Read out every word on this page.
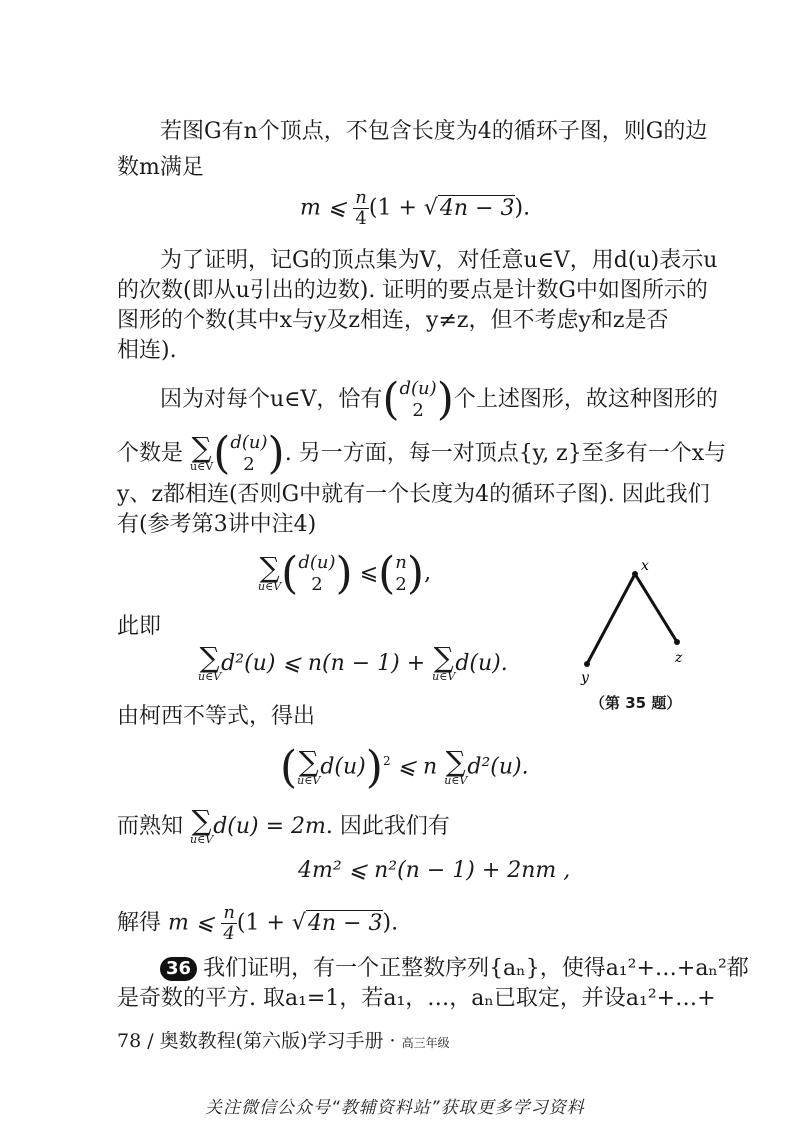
若图G有n个顶点，不包含长度为4的循环子图，则G的边
数m满足
m ⩽ $\frac{n}{4} (1 + √4n - 3)$.
为了证明，记G的顶点集为V，对任意u∈V，用d(u)表示u
的次数(即从u引出的边数). 证明的要点是计数G中如图所示的
图形的个数(其中x与y及z相连，y≠z，但不考虑y和z是否
相连).
因为对每个u∈V，恰有( d(u)
2 )个上述图形，故这种图形的
个数是 ∑
u∈V ( d(u)
2 ). 另一方面，每一对顶点{y, z}至多有一个x与
y、z都相连(否则G中就有一个长度为4的循环子图). 因此我们
有(参考第3讲中注4)
∑
u∈V ( d(u)
2 ) ⩽( n
2 ),
此即
∑
u∈V
d²(u) ⩽ n(n − 1) + ∑
u∈V
d(u).
由柯西不等式，得出
( ∑
u∈V
d(u))$^2$ ⩽ n ∑
u∈V
d²(u).
而熟知 ∑
u∈V
d(u) = 2m. 因此我们有
4m² ⩽ n²(n − 1) + 2nm ,
解得 m ⩽ $\frac{n}{4} (1 + √4n - 3)$.
36 我们证明，有一个正整数序列{aₙ}，使得a₁²+…+aₙ²都
是奇数的平方. 取a₁=1，若a₁，…，aₙ已取定，并设a₁²+…+
x
y
z
（第 35 题）
78 / 奥数教程(第六版)学习手册 · 高三年级
关注微信公众号“教辅资料站”获取更多学习资料
